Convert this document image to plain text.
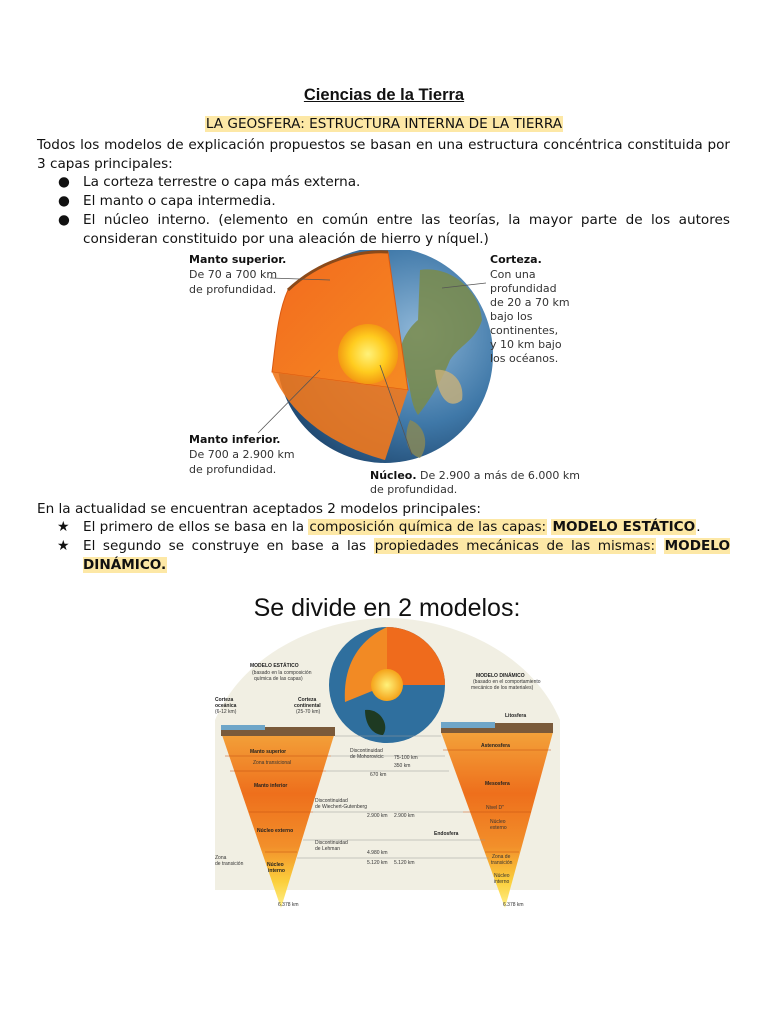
Ciencias de la Tierra
LA GEOSFERA: ESTRUCTURA INTERNA DE LA TIERRA
Todos los modelos de explicación propuestos se basan en una estructura concéntrica constituida por 3 capas principales:
● La corteza terrestre o capa más externa.
● El manto o capa intermedia.
● El núcleo interno. (elemento en común entre las teorías, la mayor parte de los autores consideran constituido por una aleación de hierro y níquel.)
Manto superior.
De 70 a 700 km
de profundidad.
Corteza.
Con una
profundidad
de 20 a 70 km
bajo los
continentes,
y 10 km bajo
los océanos.
Manto inferior.
De 700 a 2.900 km
de profundidad.	Núcleo. De 2.900 a más de 6.000 km
de profundidad.
En la actualidad se encuentran aceptados 2 modelos principales:
★ El primero de ellos se basa en la composición química de las capas: MODELO ESTÁTICO.
★ El segundo se construye en base a las propiedades mecánicas de las mismas: MODELO DINÁMICO.
Se divide en 2 modelos:
MODELO ESTÁTICO
(basado en la composición
química de las capas)
Corteza
oceánica
(6-12 km)
Corteza
continental
(25-70 km)
Manto superior
Zona transicional
Manto inferior
Núcleo externo
Zona
de transición	Núcleo
interno
MODELO DINÁMICO
(basado en el comportamiento
mecánico de los materiales)
Litosfera
Astenosfera
Mesosfera
Nivel D''
Núcleo
externo
Zona de
transición
Núcleo
interno
Endosfera
Discontinuidad
de Mohorovicic 75-100 km
350 km
670 km
Discontinuidad
de Wiechert-Gutenberg
2.900 km 2.900 km
Discontinuidad
de Lehman
4.980 km
5.120 km 5.120 km
6.378 km	6.378 km
